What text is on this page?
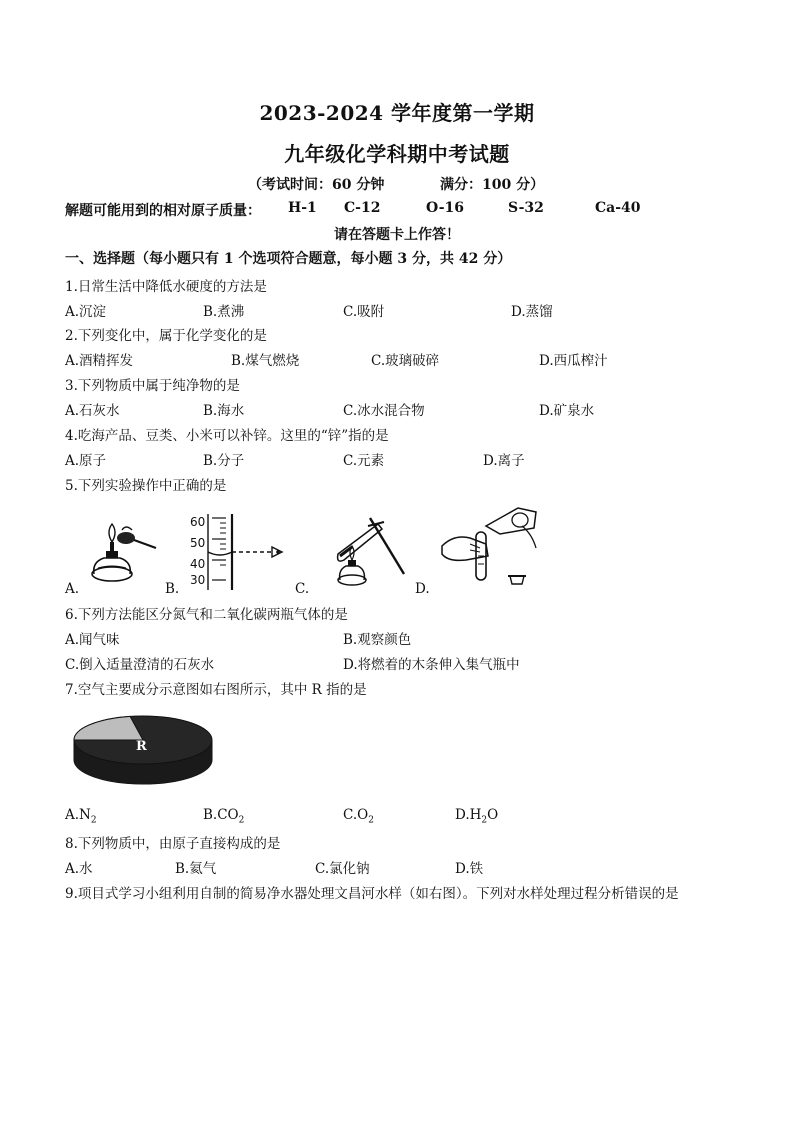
2023-2024 学年度第一学期
九年级化学科期中考试题
（考试时间：60 分钟	满分：100 分）
解题可能用到的相对原子质量： H-1 C-12	O-16	S-32	Ca-40
请在答题卡上作答！
一、选择题（每小题只有 1 个选项符合题意，每小题 3 分，共 42 分）
1.日常生活中降低水硬度的方法是
A.沉淀	B.煮沸	C.吸附	D.蒸馏
2.下列变化中，属于化学变化的是
A.酒精挥发	B.煤气燃烧	C.玻璃破碎	D.西瓜榨汁
3.下列物质中属于纯净物的是
A.石灰水	B.海水	C.冰水混合物	D.矿泉水
4.吃海产品、豆类、小米可以补锌。这里的“锌”指的是
A.原子	B.分子	C.元素	D.离子
5.下列实验操作中正确的是
A.
60
50
40
30
B.	C.	D.
6.下列方法能区分氮气和二氧化碳两瓶气体的是
A.闻气味	B.观察颜色
C.倒入适量澄清的石灰水	D.将燃着的木条伸入集气瓶中
7.空气主要成分示意图如右图所示，其中 R 指的是
R
$A.N_2$	$B.CO_2$	$C.O_2$	$D.H_2O$
8.下列物质中，由原子直接构成的是
A.水	B.氦气	C.氯化钠	D.铁
9.项目式学习小组利用自制的简易净水器处理文昌河水样（如右图）。下列对水样处理过程分析错误的是
